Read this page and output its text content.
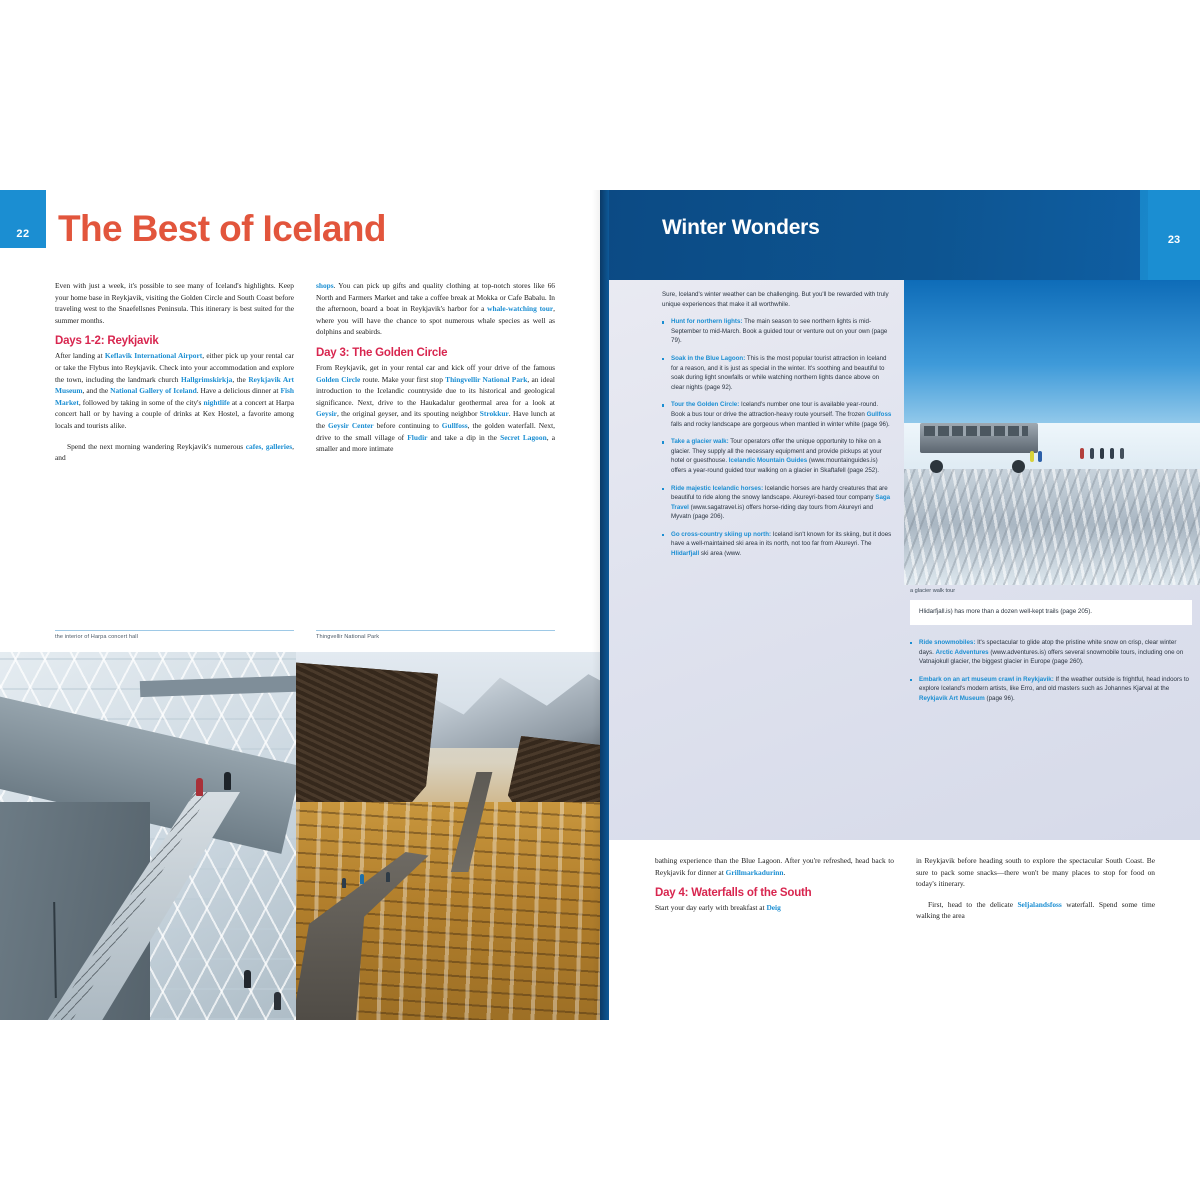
22 The Best of Iceland

Even with just a week, it's possible to see many of Iceland's highlights. Keep your home base in Reykjavik, visiting the Golden Circle and South Coast before traveling west to the Snaefellsnes Peninsula. This itinerary is best suited for the summer months.

Days 1-2: Reykjavik

After landing at Keflavik International Airport, either pick up your rental car or take the Flybus into Reykjavik. Check into your accommodation and explore the town, including the landmark church Hallgrimskirkja, the Reykjavik Art Museum, and the National Gallery of Iceland. Have a delicious dinner at Fish Market, followed by taking in some of the city's nightlife at a concert at Harpa concert hall or by having a couple of drinks at Kex Hostel, a favorite among locals and tourists alike.

Spend the next morning wandering Reykjavik's numerous cafes, galleries, and

shops. You can pick up gifts and quality clothing at top-notch stores like 66 North and Farmers Market and take a coffee break at Mokka or Cafe Babalu. In the afternoon, board a boat in Reykjavik's harbor for a whale-watching tour, where you will have the chance to spot numerous whale species as well as dolphins and seabirds.

Day 3: The Golden Circle

From Reykjavik, get in your rental car and kick off your drive of the famous Golden Circle route. Make your first stop Thingvellir National Park, an ideal introduction to the Icelandic countryside due to its historical and geological significance. Next, drive to the Haukadalur geothermal area for a look at Geysir, the original geyser, and its spouting neighbor Strokkur. Have lunch at the Geysir Center before continuing to Gullfoss, the golden waterfall. Next, drive to the small village of Fludir and take a dip in the Secret Lagoon, a smaller and more intimate

the interior of Harpa concert hall	Thingvellir National Park
Winter Wonders
23
a glacier walk tour
Hlidarfjall.is) has more than a dozen well-kept trails (page 205).

Sure, Iceland's winter weather can be challenging. But you'll be rewarded with truly unique experiences that make it all worthwhile.

Hunt for northern lights: The main season to see northern lights is mid-September to mid-March. Book a guided tour or venture out on your own (page 79).
Soak in the Blue Lagoon: This is the most popular tourist attraction in Iceland for a reason, and it is just as special in the winter. It's soothing and beautiful to soak during light snowfalls or while watching northern lights dance above on clear nights (page 92).
Tour the Golden Circle: Iceland's number one tour is available year-round. Book a bus tour or drive the attraction-heavy route yourself. The frozen Gullfoss falls and rocky landscape are gorgeous when mantled in winter white (page 96).
Take a glacier walk: Tour operators offer the unique opportunity to hike on a glacier. They supply all the necessary equipment and provide pickups at your hotel or guesthouse. Icelandic Mountain Guides (www.mountainguides.is) offers a year-round guided tour walking on a glacier in Skaftafell (page 252).
Ride majestic Icelandic horses: Icelandic horses are hardy creatures that are beautiful to ride along the snowy landscape. Akureyri-based tour company Saga Travel (www.sagatravel.is) offers horse-riding day tours from Akureyri and Myvatn (page 206).
Go cross-country skiing up north: Iceland isn't known for its skiing, but it does have a well-maintained ski area in its north, not too far from Akureyri. The Hlidarfjall ski area (www.
Ride snowmobiles: It's spectacular to glide atop the pristine white snow on crisp, clear winter days. Arctic Adventures (www.adventures.is) offers several snowmobile tours, including one on Vatnajokull glacier, the biggest glacier in Europe (page 260).
Embark on an art museum crawl in Reykjavik: If the weather outside is frightful, head indoors to explore Iceland's modern artists, like Erro, and old masters such as Johannes Kjarval at the Reykjavik Art Museum (page 96).

bathing experience than the Blue Lagoon. After you're refreshed, head back to Reykjavik for dinner at Grillmarkadurinn.

Day 4: Waterfalls of the South

Start your day early with breakfast at Deig

in Reykjavik before heading south to explore the spectacular South Coast. Be sure to pack some snacks—there won't be many places to stop for food on today's itinerary.

First, head to the delicate Seljalandsfoss waterfall. Spend some time walking the area
